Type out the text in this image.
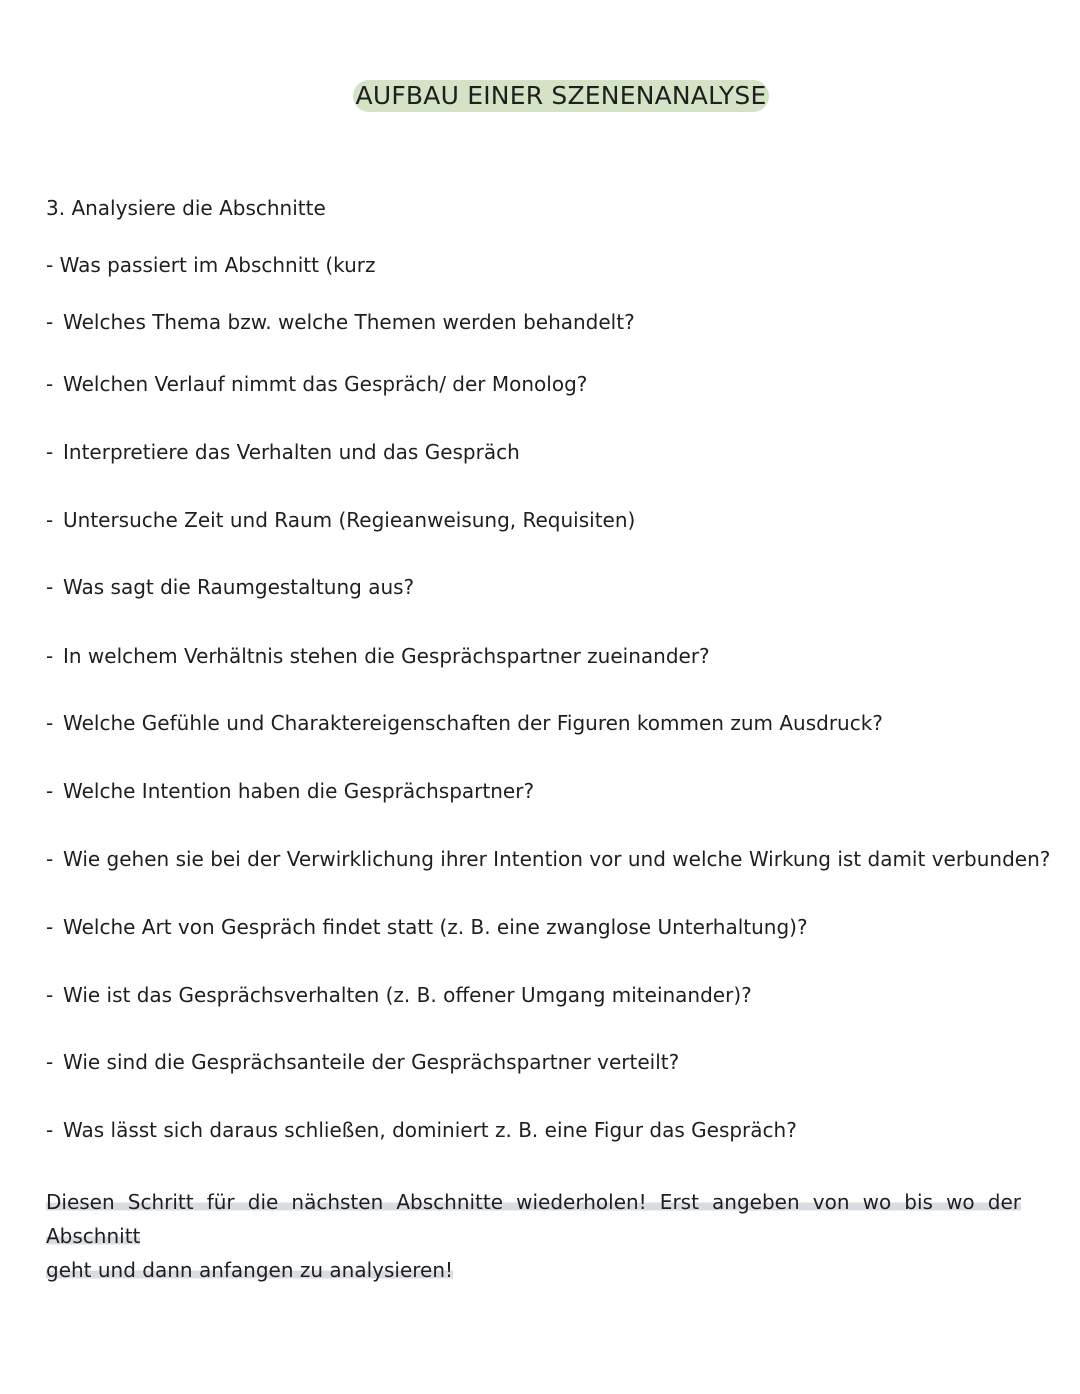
AUFBAU EINER SZENENANALYSE
3. Analysiere die Abschnitte
- Was passiert im Abschnitt (kurz
- Welches Thema bzw. welche Themen werden behandelt?
- Welchen Verlauf nimmt das Gespräch/ der Monolog?
- Interpretiere das Verhalten und das Gespräch
- Untersuche Zeit und Raum (Regieanweisung, Requisiten)
- Was sagt die Raumgestaltung aus?
- In welchem Verhältnis stehen die Gesprächspartner zueinander?
- Welche Gefühle und Charaktereigenschaften der Figuren kommen zum Ausdruck?
- Welche Intention haben die Gesprächspartner?
- Wie gehen sie bei der Verwirklichung ihrer Intention vor und welche Wirkung ist damit verbunden?
- Welche Art von Gespräch findet statt (z. B. eine zwanglose Unterhaltung)?
- Wie ist das Gesprächsverhalten (z. B. offener Umgang miteinander)?
- Wie sind die Gesprächsanteile der Gesprächspartner verteilt?
- Was lässt sich daraus schließen, dominiert z. B. eine Figur das Gespräch?
Diesen Schritt für die nächsten Abschnitte wiederholen! Erst angeben von wo bis wo der Abschnitt
geht und dann anfangen zu analysieren!
